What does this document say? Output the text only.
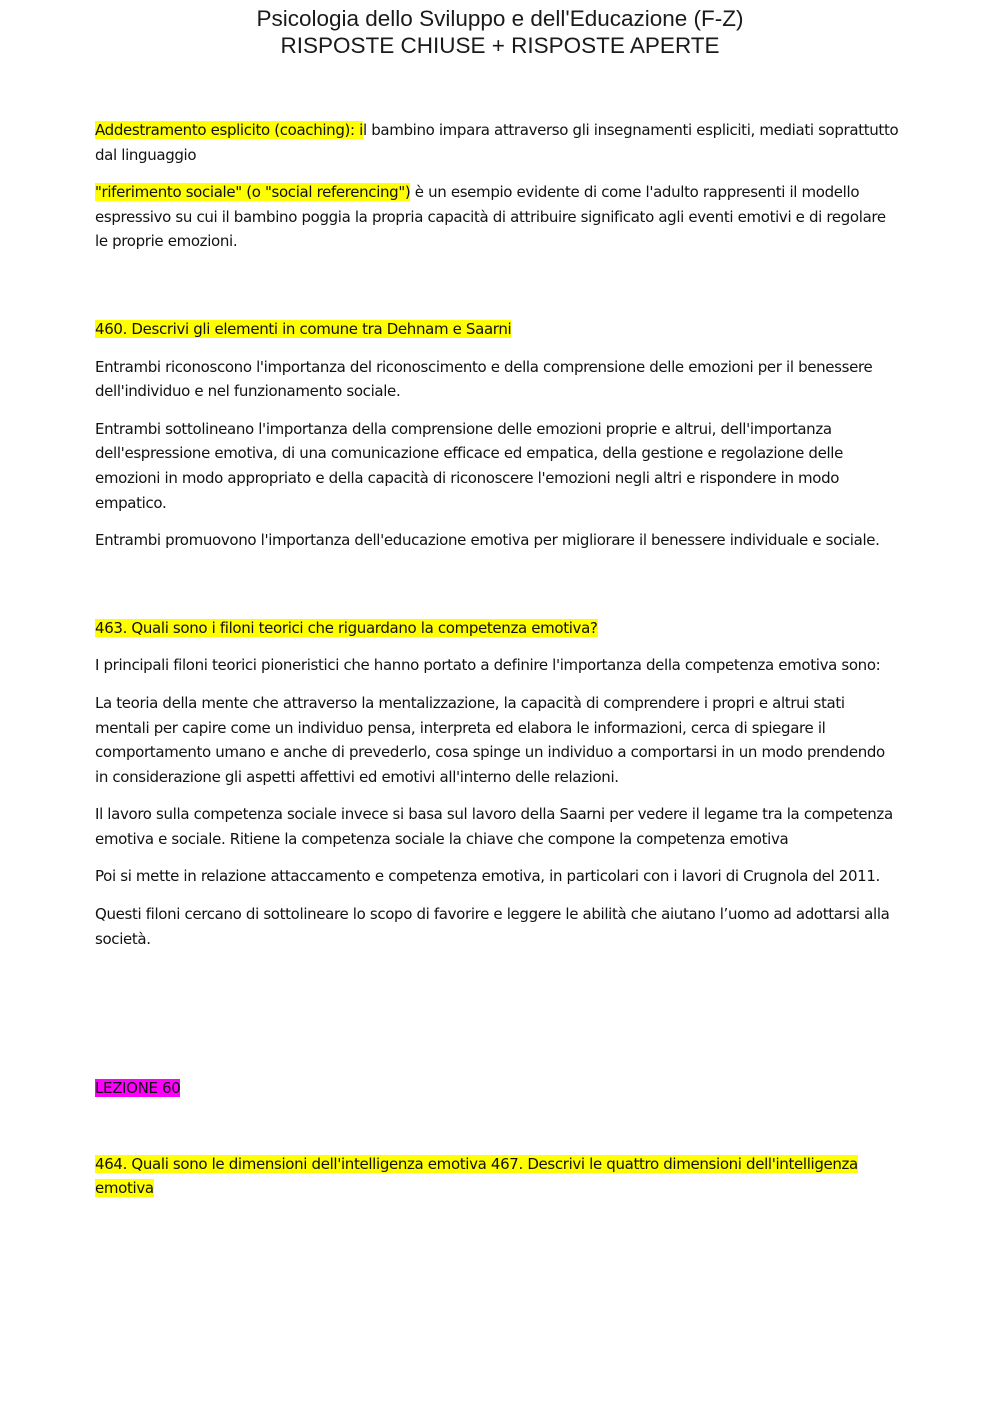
Psicologia dello Sviluppo e dell'Educazione (F-Z)
RISPOSTE CHIUSE + RISPOSTE APERTE

Addestramento esplicito (coaching): il bambino impara attraverso gli insegnamenti espliciti, mediati soprattutto dal linguaggio

"riferimento sociale" (o "social referencing") è un esempio evidente di come l'adulto rappresenti il modello espressivo su cui il bambino poggia la propria capacità di attribuire significato agli eventi emotivi e di regolare le proprie emozioni.

460. Descrivi gli elementi in comune tra Dehnam e Saarni

Entrambi riconoscono l'importanza del riconoscimento e della comprensione delle emozioni per il benessere dell'individuo e nel funzionamento sociale.

Entrambi sottolineano l'importanza della comprensione delle emozioni proprie e altrui, dell'importanza dell'espressione emotiva, di una comunicazione efficace ed empatica, della gestione e regolazione delle emozioni in modo appropriato e della capacità di riconoscere l'emozioni negli altri e rispondere in modo empatico.

Entrambi promuovono l'importanza dell'educazione emotiva per migliorare il benessere individuale e sociale.

463. Quali sono i filoni teorici che riguardano la competenza emotiva?

I principali filoni teorici pioneristici che hanno portato a definire l'importanza della competenza emotiva sono:

La teoria della mente che attraverso la mentalizzazione, la capacità di comprendere i propri e altrui stati mentali per capire come un individuo pensa, interpreta ed elabora le informazioni, cerca di spiegare il comportamento umano e anche di prevederlo, cosa spinge un individuo a comportarsi in un modo prendendo in considerazione gli aspetti affettivi ed emotivi all'interno delle relazioni.

Il lavoro sulla competenza sociale invece si basa sul lavoro della Saarni per vedere il legame tra la competenza emotiva e sociale. Ritiene la competenza sociale la chiave che compone la competenza emotiva

Poi si mette in relazione attaccamento e competenza emotiva, in particolari con i lavori di Crugnola del 2011.

Questi filoni cercano di sottolineare lo scopo di favorire e leggere le abilità che aiutano l’uomo ad adottarsi alla società.

LEZIONE 60

464. Quali sono le dimensioni dell'intelligenza emotiva 467. Descrivi le quattro dimensioni dell'intelligenza emotiva
